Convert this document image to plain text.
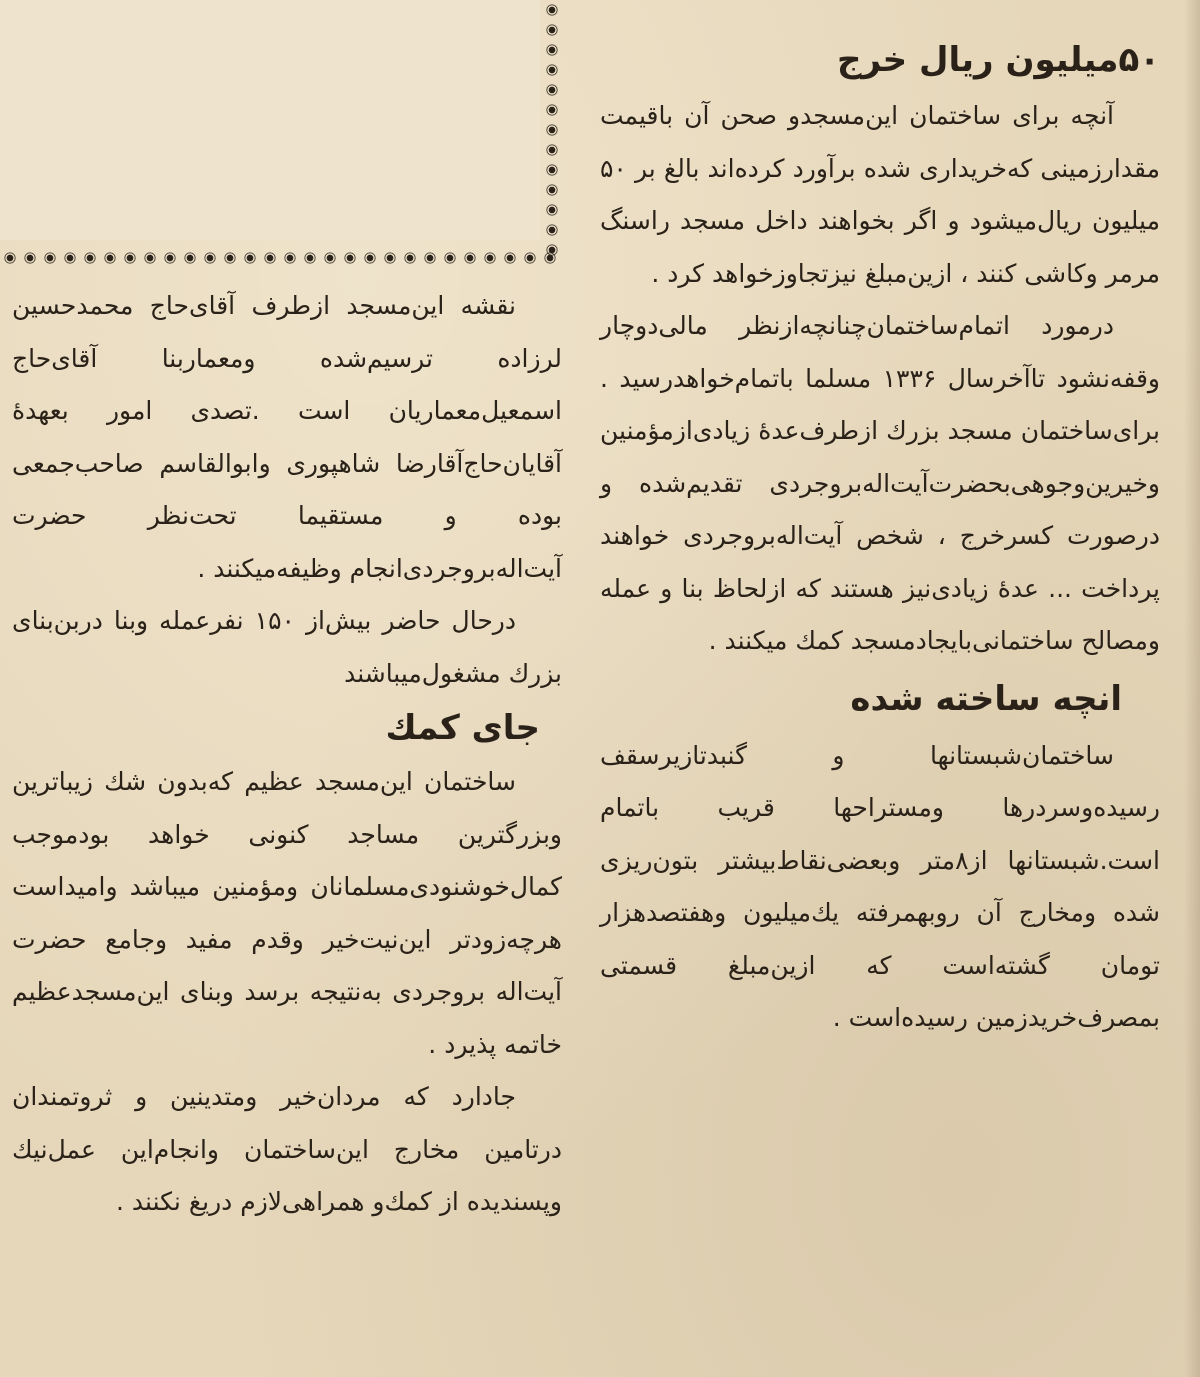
۵۰میلیون ریال خرج

آنچه برای ساختمان این‌مسجدو صحن آن باقیمت مقدارزمینی که‌خریداری شده برآورد کرده‌اند بالغ بر ۵۰ میلیون ریال‌میشود و اگر بخواهند داخل مسجد راسنگ مرمر وکاشی کنند ، ازین‌مبلغ نیزتجاوزخواهد کرد .

درمورد اتمام‌ساختمان‌چنانچه‌ازنظر مالی‌دوچار وقفه‌نشود تاآخرسال ۱۳۳۶ مسلما باتمام‌خواهدرسید . برای‌ساختمان مسجد بزرك ازطرف‌عدهٔ زیادی‌ازمؤمنین وخیرین‌وجوهی‌بحضرت‌آیت‌اله‌بروجردی تقدیم‌شده و درصورت کسرخرج ، شخص آیت‌اله‌بروجردی خواهند پرداخت ... عدهٔ زیادی‌نیز هستند که ازلحاظ بنا و عمله ومصالح ساختمانی‌بایجادمسجد کمك میکنند .

انچه ساخته شده

ساختمان‌شبستانها و گنبدتازیرسقف رسیده‌وسردرها ومستراحها قریب باتمام است.شبستانها از۸متر وبعضی‌نقاط‌بیشتر بتون‌ریزی شده ومخارج آن روبهمرفته یك‌میلیون وهفتصدهزار تومان گشته‌است که ازین‌مبلغ قسمتی بمصرف‌خریدزمین رسیده‌است .

نقشه این‌مسجد ازطرف آقای‌حاج محمدحسین لرزاده ترسیم‌شده ومعماربنا آقای‌حاج اسمعیل‌معماریان است .تصدی امور بعهدهٔ آقایان‌حاج‌آقارضا شاهپوری وابوالقاسم صاحب‌جمعی بوده و مستقیما تحت‌نظر حضرت آیت‌اله‌بروجردی‌انجام وظیفه‌میکنند .

درحال حاضر بیش‌از ۱۵۰ نفرعمله وبنا دربن‌بنای بزرك مشغول‌میباشند

جای کمك

ساختمان این‌مسجد عظیم که‌بدون شك زیباترین وبزرگترین مساجد کنونی خواهد بودموجب کمال‌خوشنودی‌مسلمانان ومؤمنین میباشد وامیداست هرچه‌زودتر این‌نیت‌خیر وقدم مفید وجامع حضرت آیت‌اله بروجردی به‌نتیجه برسد وبنای این‌مسجدعظیم خاتمه پذیرد .

جادارد که مردان‌خیر ومتدینین و ثروتمندان درتامین مخارج این‌ساختمان وانجام‌این عمل‌نیك وپسندیده از کمك‌و همراهی‌لازم دریغ نکنند .
